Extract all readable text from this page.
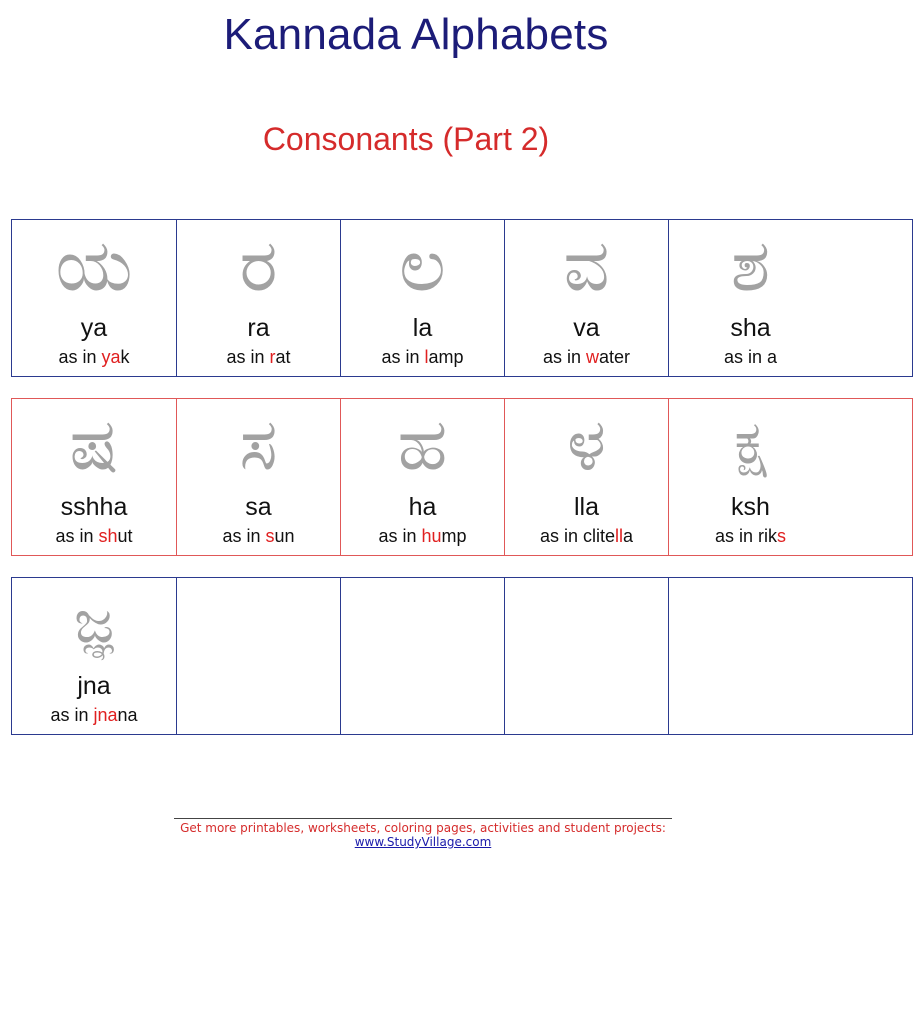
Kannada Alphabets
Consonants (Part 2)
ಯ
ya
as in yak
ರ
ra
as in rat
ಲ
la
as in lamp
ವ
va
as in water
ಶ
sha
as in a
ಷ
sshha
as in shut
ಸ
sa
as in sun
ಹ
ha
as in hump
ಳ
lla
as in clitella
ಕ್ಷ
ksh
as in riks
ಜ್ಞ
jna
as in jnana
Get more printables, worksheets, coloring pages, activities and student projects:
www.StudyVillage.com
